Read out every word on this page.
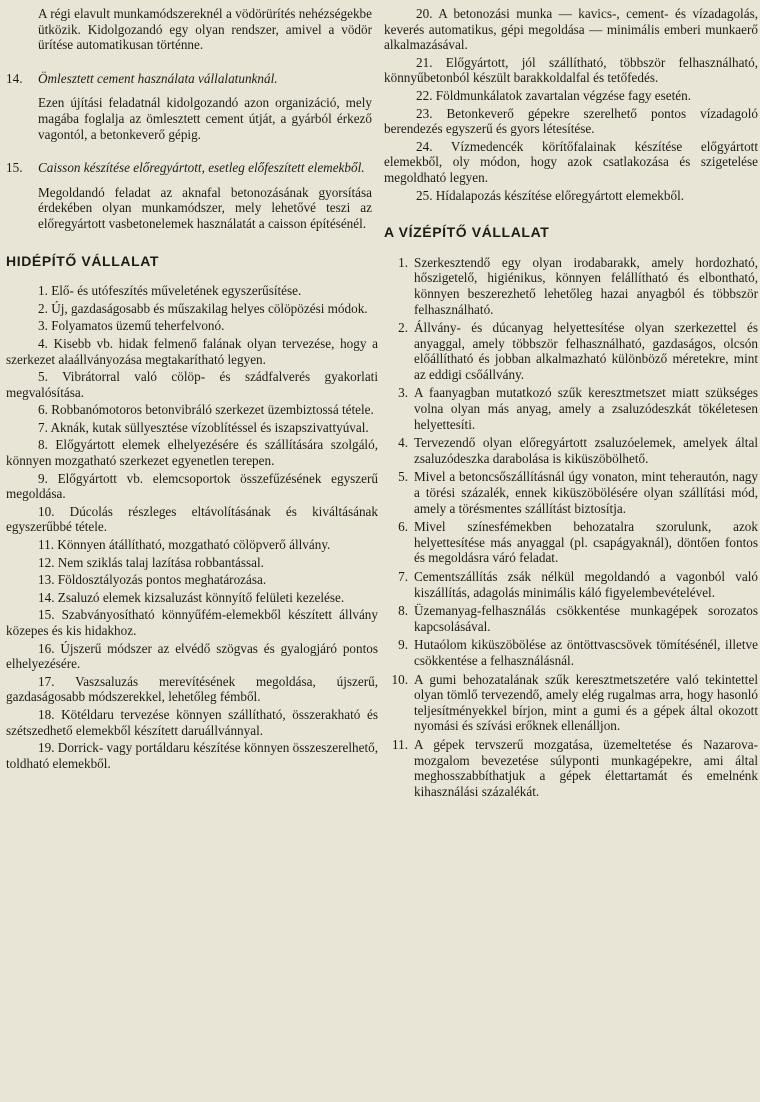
A régi elavult munkamódszereknél a vödörürítés nehézségekbe ütközik. Kidolgozandó egy olyan rendszer, amivel a vödör ürítése automatikusan történne.

14.	Ömlesztett cement használata vállalatunknál.

Ezen újítási feladatnál kidolgozandó azon organizáció, mely magába foglalja az ömlesztett cement útját, a gyárból érkező vagontól, a betonkeverő gépig.

15.	Caisson készítése előregyártott, esetleg előfeszített elemekből.

Megoldandó feladat az aknafal betonozásának gyorsítása érdekében olyan munkamódszer, mely lehetővé teszi az előregyártott vasbetonelemek használatát a caisson építésénél.

HIDÉPÍTŐ VÁLLALAT

1. Elő- és utófeszítés műveletének egyszerűsítése.

2. Új, gazdaságosabb és műszakilag helyes cölöpözési módok.

3. Folyamatos üzemű teherfelvonó.

4. Kisebb vb. hidak felmenő falának olyan tervezése, hogy a szerkezet alaállványozása megtakarítható legyen.

5. Vibrátorral való cölöp- és szádfalverés gyakorlati megvalósítása.

6. Robbanómotoros betonvibráló szerkezet üzembiztossá tétele.

7. Aknák, kutak süllyesztése vízoblítéssel és iszapszivattyúval.

8. Előgyártott elemek elhelyezésére és szállítására szolgáló, könnyen mozgatható szerkezet egyenetlen terepen.

9. Előgyártott vb. elemcsoportok összefűzésének egyszerű megoldása.

10. Dúcolás részleges eltávolításának és kiváltásának egyszerűbbé tétele.

11. Könnyen átállítható, mozgatható cölöpverő állvány.

12. Nem sziklás talaj lazítása robbantással.

13. Földosztályozás pontos meghatározása.

14. Zsaluzó elemek kizsaluzást könnyítő felületi kezelése.

15. Szabványosítható könnyűfém-elemekből készített állvány közepes és kis hidakhoz.

16. Újszerű módszer az elvédő szögvas és gyalogjáró pontos elhelyezésére.

17. Vaszsaluzás merevítésének megoldása, újszerű, gazdaságosabb módszerekkel, lehetőleg fémből.

18. Kötéldaru tervezése könnyen szállítható, összerakható és szétszedhető elemekből készített daruállvánnyal.

19. Dorrick- vagy portáldaru készítése könnyen összeszerelhető, toldható elemekből.

20. A betonozási munka — kavics-, cement- és vízadagolás, keverés automatikus, gépi megoldása — minimális emberi munkaerő alkalmazásával.

21. Előgyártott, jól szállítható, többször felhasználható, könnyűbetonból készült barakkoldalfal és tetőfedés.

22. Földmunkálatok zavartalan végzése fagy esetén.

23. Betonkeverő gépekre szerelhető pontos vízadagoló berendezés egyszerű és gyors létesítése.

24. Vízmedencék körítőfalainak készítése előgyártott elemekből, oly módon, hogy azok csatlakozása és szigetelése megoldható legyen.

25. Hídalapozás készítése előregyártott elemekből.

A VÍZÉPÍTŐ VÁLLALAT
1. Szerkesztendő egy olyan irodabarakk, amely hordozható, hőszigetelő, higiénikus, könnyen felállítható és elbontható, könnyen beszerezhető lehetőleg hazai anyagból és többször felhasználható.
2. Állvány- és dúcanyag helyettesítése olyan szerkezettel és anyaggal, amely többször felhasználható, gazdaságos, olcsón előállítható és jobban alkalmazható különböző méretekre, mint az eddigi csőállvány.
3. A faanyagban mutatkozó szűk keresztmetszet miatt szükséges volna olyan más anyag, amely a zsaluzódeszkát tökéletesen helyettesíti.
4. Tervezendő olyan előregyártott zsaluzóelemek, amelyek által zsaluzódeszka darabolása is kiküszöbölhető.
5. Mivel a betoncsőszállításnál úgy vonaton, mint teherautón, nagy a törési százalék, ennek kiküszöbölésére olyan szállítási mód, amely a törésmentes szállítást biztosítja.
6. Mivel színesfémekben behozatalra szorulunk, azok helyettesítése más anyaggal (pl. csapágyaknál), döntően fontos és megoldásra váró feladat.
7. Cementszállítás zsák nélkül megoldandó a vagonból való kiszállítás, adagolás minimális káló figyelembevételével.
8. Üzemanyag-felhasználás csökkentése munkagépek sorozatos kapcsolásával.
9. Hutaólom kiküszöbölése az öntöttvascsövek tömítésénél, illetve csökkentése a felhasználásnál.
10. A gumi behozatalának szűk keresztmetszetére való tekintettel olyan tömlő tervezendő, amely elég rugalmas arra, hogy hasonló teljesítményekkel bírjon, mint a gumi és a gépek által okozott nyomási és szívási erőknek ellenálljon.
11. A gépek tervszerű mozgatása, üzemeltetése és Nazarova-mozgalom bevezetése súlyponti munkagépekre, ami által meghosszabbíthatjuk a gépek élettartamát és emelnénk kihasználási százalékát.
